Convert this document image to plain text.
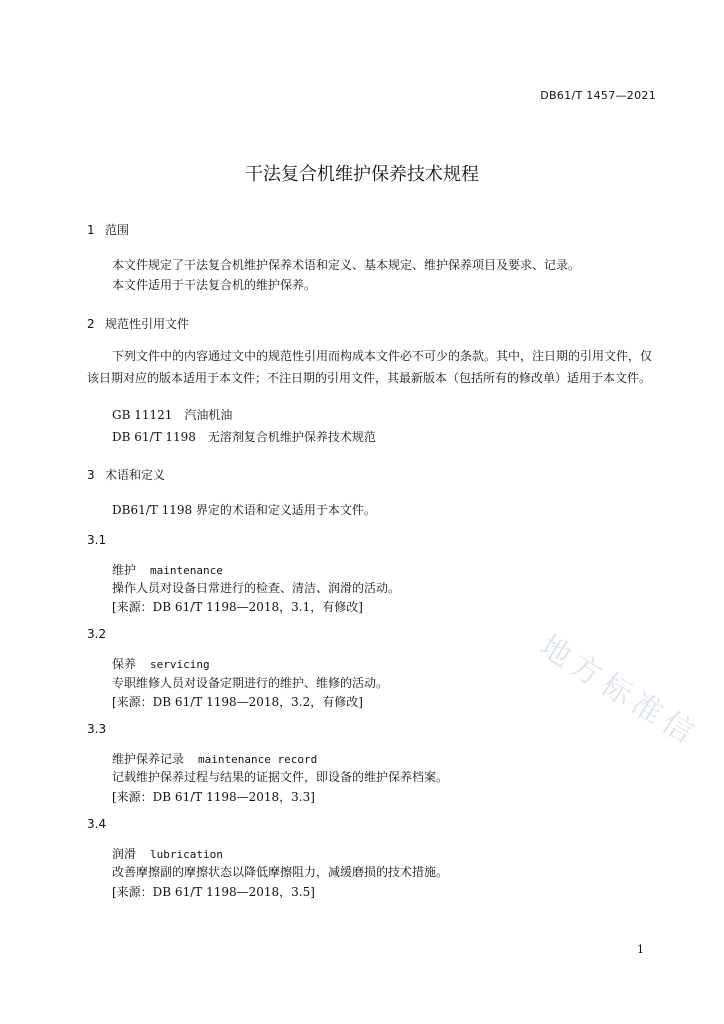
DB61/T 1457—2021
干法复合机维护保养技术规程
1 范围
本文件规定了干法复合机维护保养术语和定义、基本规定、维护保养项目及要求、记录。
本文件适用于干法复合机的维护保养。
2 规范性引用文件
下列文件中的内容通过文中的规范性引用而构成本文件必不可少的条款。其中，注日期的引用文件，仅该日期对应的版本适用于本文件；不注日期的引用文件，其最新版本（包括所有的修改单）适用于本文件。
GB 11121　汽油机油
DB 61/T 1198　无溶剂复合机维护保养技术规范
3 术语和定义
DB61/T 1198 界定的术语和定义适用于本文件。
3.1
维护 maintenance
操作人员对设备日常进行的检查、清洁、润滑的活动。
[来源：DB 61/T 1198—2018，3.1，有修改]
3.2
保养 servicing
专职维修人员对设备定期进行的维护、维修的活动。
[来源：DB 61/T 1198—2018，3.2，有修改]
3.3
维护保养记录 maintenance record
记载维护保养过程与结果的证据文件，即设备的维护保养档案。
[来源：DB 61/T 1198—2018，3.3]
3.4
润滑 lubrication
改善摩擦副的摩擦状态以降低摩擦阻力，减缓磨损的技术措施。
[来源：DB 61/T 1198—2018，3.5]
1
地方标准信
